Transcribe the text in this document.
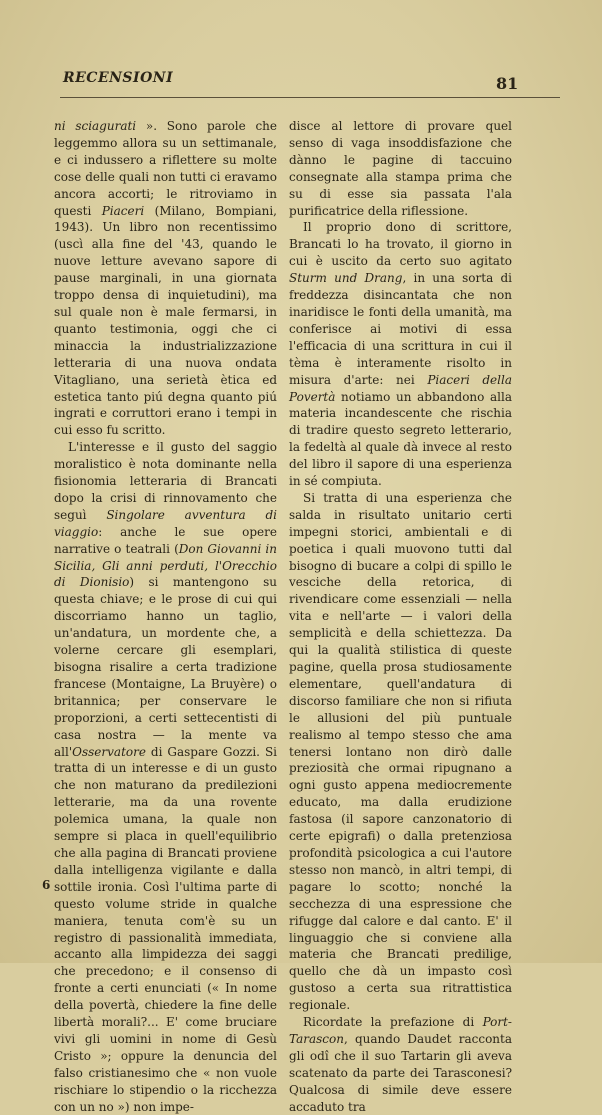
RECENSIONI	81

ni sciagurati ». Sono parole che leggemmo allora su un settimanale, e ci indussero a riflettere su molte cose delle quali non tutti ci eravamo ancora accorti; le ritroviamo in questi Piaceri (Milano, Bompiani, 1943). Un libro non recentissimo (uscì alla fine del '43, quando le nuove letture avevano sapore di pause marginali, in una giornata troppo densa di inquietudini), ma sul quale non è male fermarsi, in quanto testimonia, oggi che ci minaccia la industrializzazione letteraria di una nuova ondata Vitagliano, una serietà ètica ed estetica tanto piú degna quanto piú ingrati e corruttori erano i tempi in cui esso fu scritto.

L'interesse e il gusto del saggio moralistico è nota dominante nella fisionomia letteraria di Brancati dopo la crisi di rinnovamento che seguì Singolare avventura di viaggio: anche le sue opere narrative o teatrali (Don Giovanni in Sicilia, Gli anni perduti, l'Orecchio di Dionisio) si mantengono su questa chiave; e le prose di cui qui discorriamo hanno un taglio, un'andatura, un mordente che, a volerne cercare gli esemplari, bisogna risalire a certa tradizione francese (Montaigne, La Bruyère) o britannica; per conservare le proporzioni, a certi settecentisti di casa nostra — la mente va all'Osservatore di Gaspare Gozzi. Si tratta di un interesse e di un gusto che non maturano da predilezioni letterarie, ma da una rovente polemica umana, la quale non sempre si placa in quell'equilibrio che alla pagina di Brancati proviene dalla intelligenza vigilante e dalla sottile ironia. Così l'ultima parte di questo volume stride in qualche maniera, tenuta com'è su un registro di passionalità immediata, accanto alla limpidezza dei saggi che precedono; e il consenso di fronte a certi enunciati (« In nome della povertà, chiedere la fine delle libertà morali?... E' come bruciare vivi gli uomini in nome di Gesù Cristo »; oppure la denuncia del falso cristianesimo che « non vuole rischiare lo stipendio o la ricchezza con un no ») non impe-

disce al lettore di provare quel senso di vaga insoddisfazione che dànno le pagine di taccuino consegnate alla stampa prima che su di esse sia passata l'ala purificatrice della riflessione.

Il proprio dono di scrittore, Brancati lo ha trovato, il giorno in cui è uscito da certo suo agitato Sturm und Drang, in una sorta di freddezza disincantata che non inaridisce le fonti della umanità, ma conferisce ai motivi di essa l'efficacia di una scrittura in cui il tèma è interamente risolto in misura d'arte: nei Piaceri della Povertà notiamo un abbandono alla materia incandescente che rischia di tradire questo segreto letterario, la fedeltà al quale dà invece al resto del libro il sapore di una esperienza in sé compiuta.

Si tratta di una esperienza che salda in risultato unitario certi impegni storici, ambientali e di poetica i quali muovono tutti dal bisogno di bucare a colpi di spillo le vesciche della retorica, di rivendicare come essenziali — nella vita e nell'arte — i valori della semplicità e della schiettezza. Da qui la qualità stilistica di queste pagine, quella prosa studiosamente elementare, quell'andatura di discorso familiare che non si rifiuta le allusioni del più puntuale realismo al tempo stesso che ama tenersi lontano non dirò dalle preziosità che ormai ripugnano a ogni gusto appena mediocremente educato, ma dalla erudizione fastosa (il sapore canzonatorio di certe epigrafi) o dalla pretenziosa profondità psicologica a cui l'autore stesso non mancò, in altri tempi, di pagare lo scotto; nonché la secchezza di una espressione che rifugge dal calore e dal canto. E' il linguaggio che si conviene alla materia che Brancati predilige, quello che dà un impasto così gustoso a certa sua ritrattistica regionale.

Ricordate la prefazione di Port-Tarascon, quando Daudet racconta gli odî che il suo Tartarin gli aveva scatenato da parte dei Tarasconesi? Qualcosa di simile deve essere accaduto tra

6
